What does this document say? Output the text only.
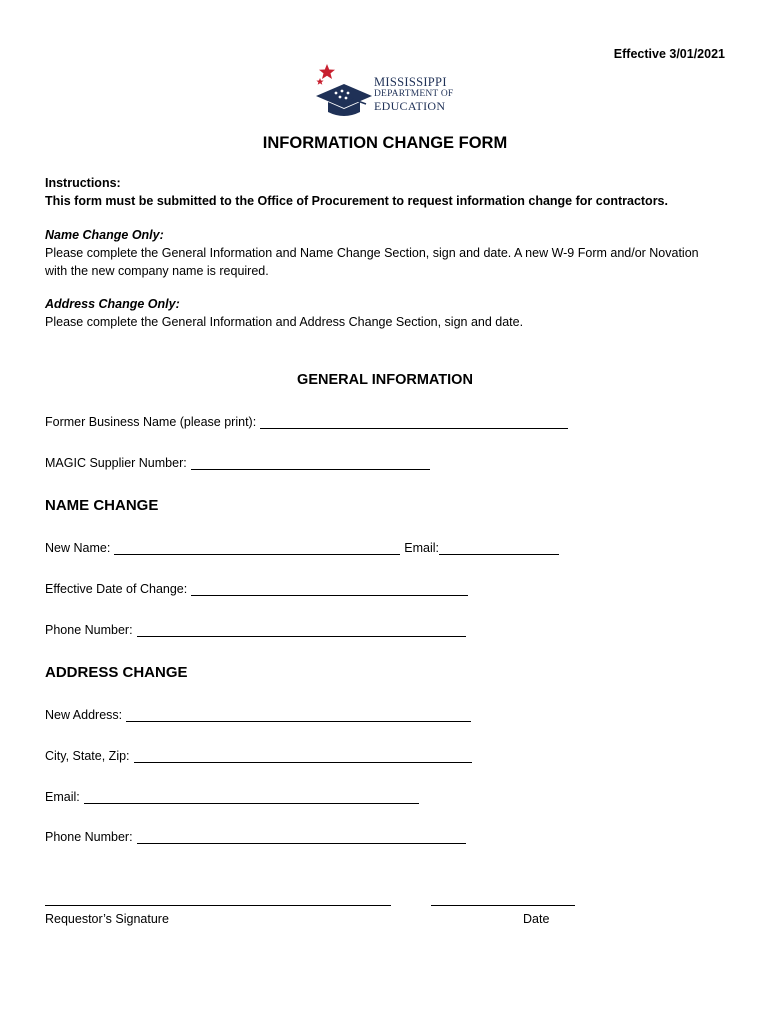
Effective 3/01/2021
MISSISSIPPI
DEPARTMENT OF
EDUCATION
INFORMATION CHANGE FORM
Instructions:
This form must be submitted to the Office of Procurement to request information change for contractors.
Name Change Only:
Please complete the General Information and Name Change Section, sign and date. A new W-9 Form and/or Novation
with the new company name is required.
Address Change Only:
Please complete the General Information and Address Change Section, sign and date.
GENERAL INFORMATION
Former Business Name (please print):
MAGIC Supplier Number:
NAME CHANGE
New Name:	Email:
Effective Date of Change:
Phone Number:
ADDRESS CHANGE
New Address:
City, State, Zip:
Email:
Phone Number:
Requestor’s Signature	Date
